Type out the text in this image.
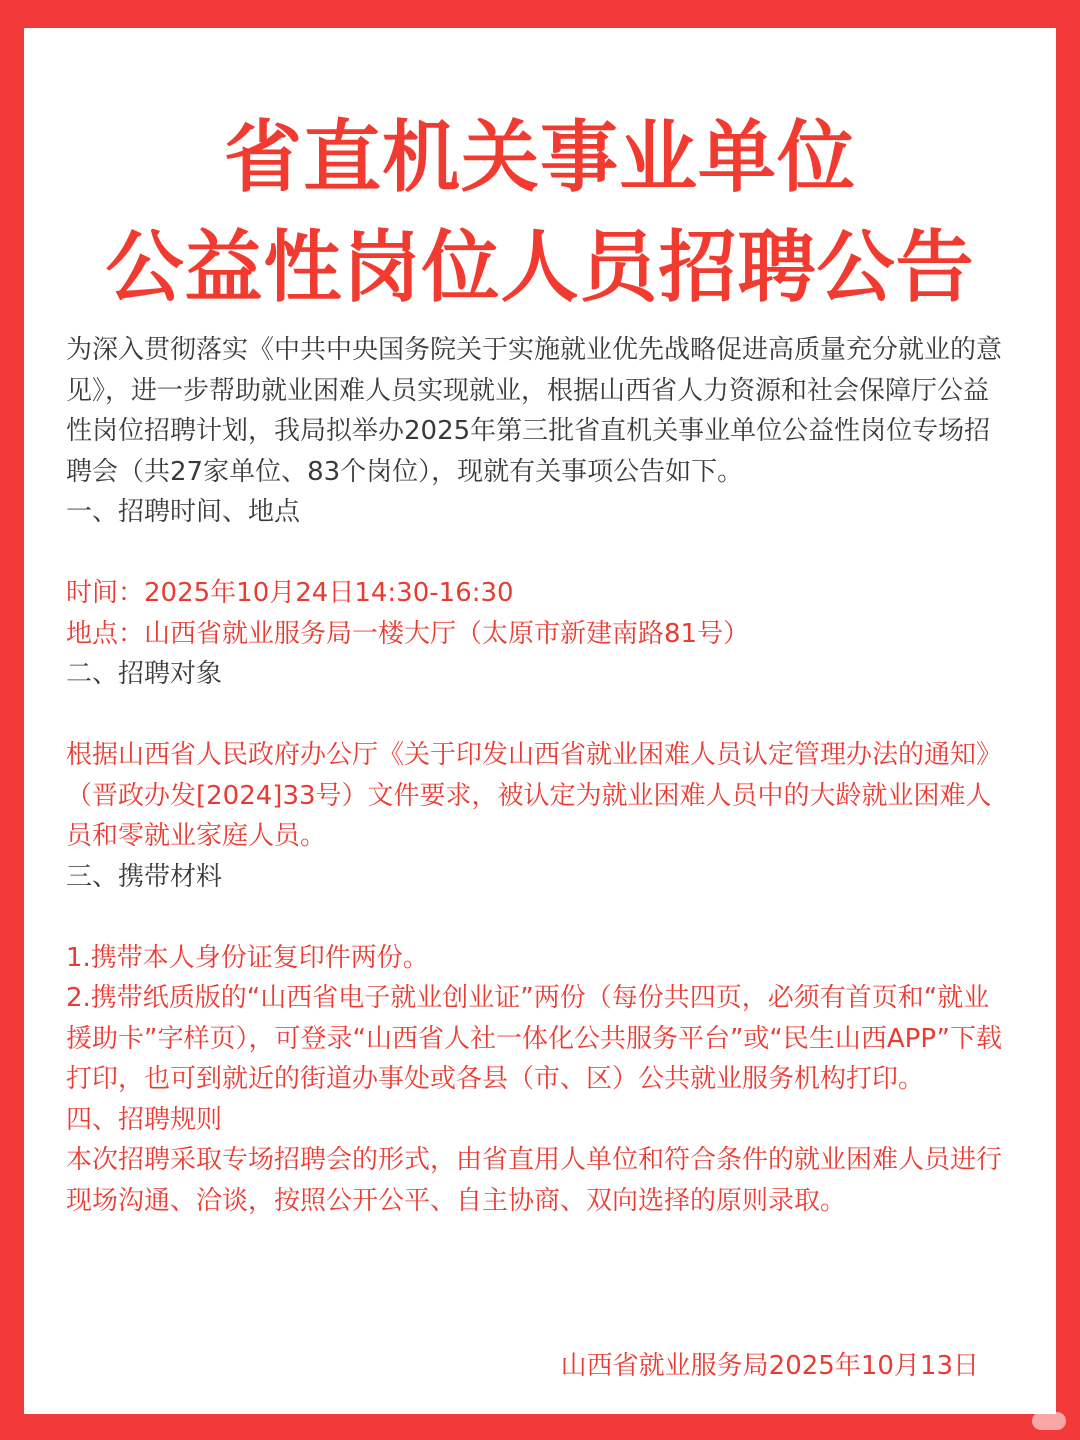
省直机关事业单位
公益性岗位人员招聘公告

为深入贯彻落实《中共中央国务院关于实施就业优先战略促进高质量充分就业的意见》，进一步帮助就业困难人员实现就业，根据山西省人力资源和社会保障厅公益性岗位招聘计划，我局拟举办2025年第三批省直机关事业单位公益性岗位专场招聘会（共27家单位、83个岗位），现就有关事项公告如下。

一、招聘时间、地点

时间：2025年10月24日14:30-16:30

地点：山西省就业服务局一楼大厅（太原市新建南路81号）

二、招聘对象

根据山西省人民政府办公厅《关于印发山西省就业困难人员认定管理办法的通知》（晋政办发[2024]33号）文件要求，被认定为就业困难人员中的大龄就业困难人员和零就业家庭人员。

三、携带材料

1.携带本人身份证复印件两份。

2.携带纸质版的“山西省电子就业创业证”两份（每份共四页，必须有首页和“就业援助卡”字样页），可登录“山西省人社一体化公共服务平台”或“民生山西APP”下载打印，也可到就近的街道办事处或各县（市、区）公共就业服务机构打印。

四、招聘规则

本次招聘采取专场招聘会的形式，由省直用人单位和符合条件的就业困难人员进行现场沟通、洽谈，按照公开公平、自主协商、双向选择的原则录取。

山西省就业服务局2025年10月13日
